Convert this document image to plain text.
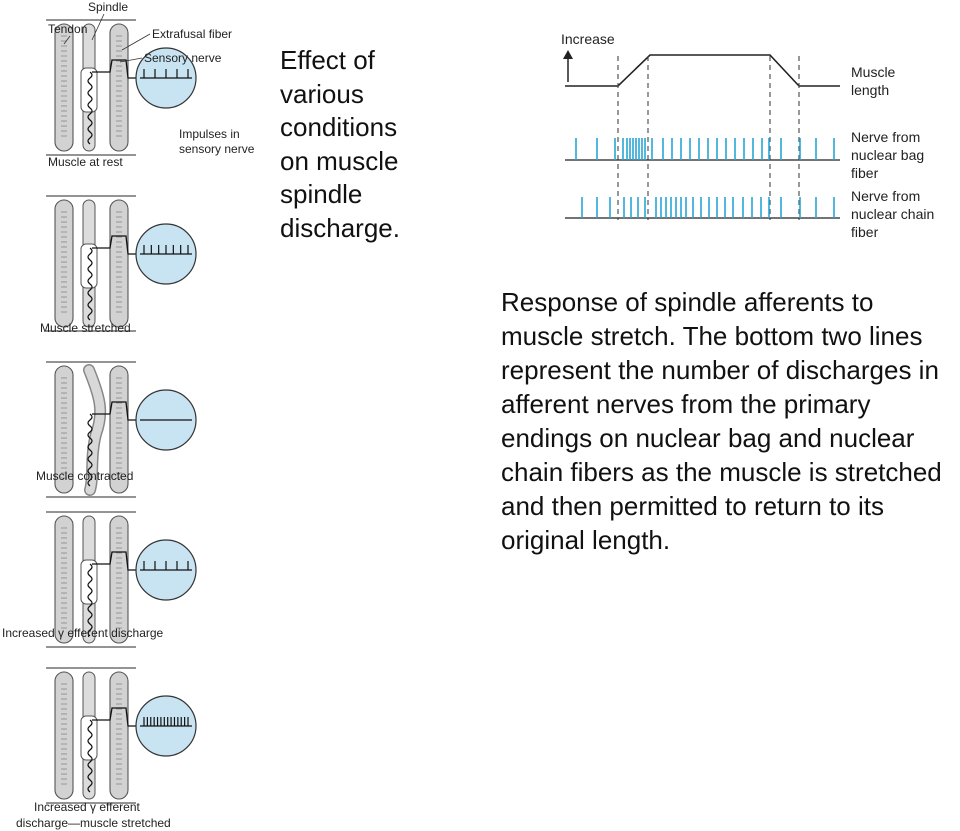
Muscle at rest
Muscle stretched
Muscle contracted
Increased γ efferent discharge
Increased γ efferent
discharge—muscle stretched
Spindle
Tendon	Extrafusal fiber
Sensory nerve
Impulses in
sensory nerve
Effect of various conditions on muscle spindle discharge.
Increase
Muscle
length
Nerve from
nuclear bag
fiber
Nerve from
nuclear chain
fiber
Response of spindle afferents to muscle stretch. The bottom two lines represent the number of discharges in afferent nerves from the primary endings on nuclear bag and nuclear chain fibers as the muscle is stretched and then permitted to return to its original length.
